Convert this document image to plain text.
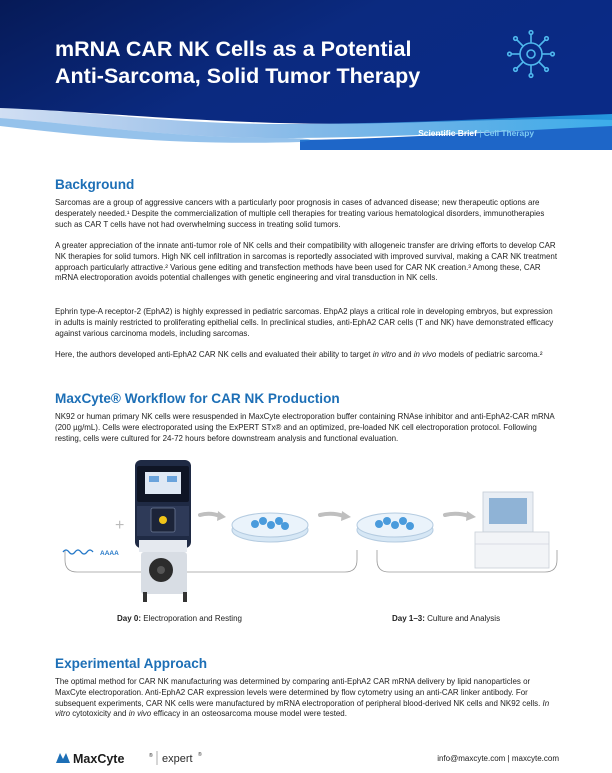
mRNA CAR NK Cells as a Potential
Anti-Sarcoma, Solid Tumor Therapy
Scientific Brief | Cell Therapy
Background

Sarcomas are a group of aggressive cancers with a particularly poor prognosis in cases of advanced disease; new therapeutic options are desperately needed.¹ Despite the commercialization of multiple cell therapies for treating various hematological disorders, immunotherapies such as CAR T cells have not had overwhelming success in treating solid tumors.

A greater appreciation of the innate anti-tumor role of NK cells and their compatibility with allogeneic transfer are driving efforts to develop CAR NK therapies for solid tumors. High NK cell infiltration in sarcomas is reportedly associated with improved survival, making a CAR NK treatment approach particularly attractive.² Various gene editing and transfection methods have been used for CAR NK creation.³ Among these, CAR mRNA electroporation avoids potential challenges with genetic engineering and viral transduction in NK cells.

Ephrin type-A receptor-2 (EphA2) is highly expressed in pediatric sarcomas. EhpA2 plays a critical role in developing embryos, but expression in adults is mainly restricted to proliferating epithelial cells. In preclinical studies, anti-EphA2 CAR cells (T and NK) have demonstrated efficacy against various carcinoma models, including sarcomas.

Here, the authors developed anti-EphA2 CAR NK cells and evaluated their ability to target in vitro and in vivo models of pediatric sarcoma.²

MaxCyte® Workflow for CAR NK Production

NK92 or human primary NK cells were resuspended in MaxCyte electroporation buffer containing RNAse inhibitor and anti-EphA2-CAR mRNA (200 µg/mL). Cells were electroporated using the ExPERT STx® and an optimized, pre-loaded NK cell electroporation protocol. Following resting, cells were cultured for 24-72 hours before downstream analysis and functional evaluation.

AAAA
+
Day 0: Electroporation and Resting	Day 1–3: Culture and Analysis
Experimental Approach

The optimal method for CAR NK manufacturing was determined by comparing anti-EphA2 CAR mRNA delivery by lipid nanoparticles or MaxCyte electroporation. Anti-EphA2 CAR expression levels were determined by flow cytometry using an anti-CAR linker antibody. For subsequent experiments, CAR NK cells were manufactured by mRNA electroporation of peripheral blood-derived NK cells and NK92 cells. In vitro cytotoxicity and in vivo efficacy in an osteosarcoma mouse model were tested.

MaxCyte	® expert ®	info@maxcyte.com | maxcyte.com
